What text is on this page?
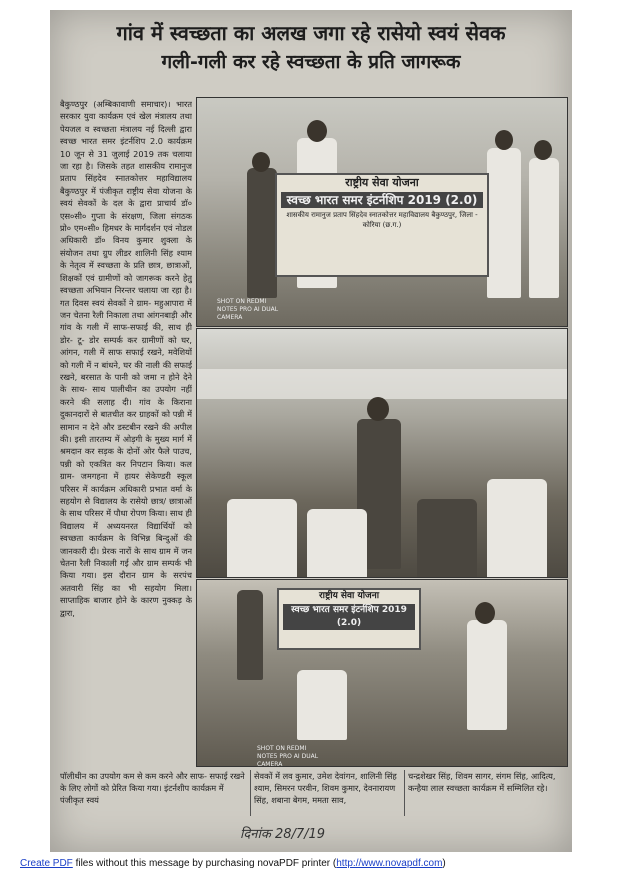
गांव में स्वच्छता का अलख जगा रहे रासेयो स्वयं सेवक
गली-गली कर रहे स्वच्छता के प्रति जागरूक

बैकुण्ठपुर (अम्बिकावाणी समाचार)। भारत सरकार युवा कार्यक्रम एवं खेल मंत्रालय तथा पेयजल व स्वच्छता मंत्रालय नई दिल्ली द्वारा स्वच्छ भारत समर इंटर्नशिप 2.0 कार्यक्रम 10 जून से 31 जुलाई 2019 तक चलाया जा रहा है। जिसके तहत शासकीय रामानुज प्रताप सिंहदेव स्नातकोत्तर महाविद्यालय बैकुण्ठपुर में पंजीकृत राष्ट्रीय सेवा योजना के स्वयं सेवकों के दल के द्वारा प्राचार्य डॉ० एस०सी० गुप्ता के संरक्षण, जिला संगठक प्रो० एम०सी० हिमधर के मार्गदर्शन एवं नोडल अधिकारी डॉ० विनय कुमार शुक्ला के संयोजन तथा ग्रुप लीडर शालिनी सिंह श्याम के नेतृत्व में स्वच्छता के प्रति छात्र, छात्राओं, शिक्षकों एवं ग्रामीणों को जागरूक करने हेतु स्वच्छता अभियान निरन्तर चलाया जा रहा है। गत दिवस स्वयं सेवकों ने ग्राम- महुआपारा में जन चेतना रैली निकाला तथा आंगनबाड़ी और गांव के गली में साफ-सफाई की, साथ ही डोर- टू- डोर सम्पर्क कर ग्रामीणों को घर, आंगन, गली में साफ सफाई रखने, मवेशियों को गली में न बांधने, घर की नाली की सफाई रखने, बरसात के पानी को जमा न होने देने के साथ- साथ पालीथीन का उपयोग नहीं करने की सलाह दी। गांव के किराना दुकानदारों से बातचीत कर ग्राहकों को पन्नी में सामान न देने और डस्टबीन रखने की अपील की। इसी तारतम्य में ओड़गी के मुख्य मार्ग में श्रमदान कर सड़क के दोनों ओर फैले पाउच, पन्नी को एकत्रित कर निपटान किया। कल ग्राम- जमगहना में हायर सेकेण्डरी स्कूल परिसर में कार्यक्रम अधिकारी प्रभात वर्मा के सहयोग से विद्यालय के रासेयो छात्र/ छात्राओं के साथ परिसर में पौधा रोपण किया। साथ ही विद्यालय में अध्ययनरत विद्यार्थियों को स्वच्छता कार्यक्रम के विभिन्न बिन्दुओं की जानकारी दी। प्रेरक नारों के साथ ग्राम में जन चेतना रैली निकाली गई और ग्राम सम्पर्क भी किया गया। इस दौरान ग्राम के सरपंच अतवारी सिंह का भी सहयोग मिला। साप्ताहिक बाजार होने के कारण नुक्कड़ के द्वारा,

राष्ट्रीय सेवा योजना
स्वच्छ भारत समर इंटर्नशिप 2019 (2.0)
शासकीय रामानुज प्रताप सिंहदेव स्नातकोत्तर महाविद्यालय बैकुण्ठपुर, जिला - कोरिया (छ.ग.)
SHOT ON REDMI NOTE5 PRO AI DUAL CAMERA
राष्ट्रीय सेवा योजना
स्वच्छ भारत समर इंटर्नशिप 2019 (2.0)
SHOT ON REDMI NOTE5 PRO AI DUAL CAMERA
पॉलीथीन का उपयोग कम से कम करने और साफ- सफाई रखने के लिए लोगों को प्रेरित किया गया। इंटर्नशीप कार्यक्रम में पंजीकृत स्वयं
सेवकों में लव कुमार, उमेश देवांगन, शालिनी सिंह श्याम, सिमरन परवीन, शिवम कुमार, देवनारायण सिंह, शबाना बेगम, ममता साव,
चन्द्रशेखर सिंह, शिवम सागर, संगम सिंह, आदित्य, कन्हैया लाल स्वच्छता कार्यक्रम में सम्मिलित रहे।
दिनांक 28/7/19
Create PDF files without this message by purchasing novaPDF printer (http://www.novapdf.com)
